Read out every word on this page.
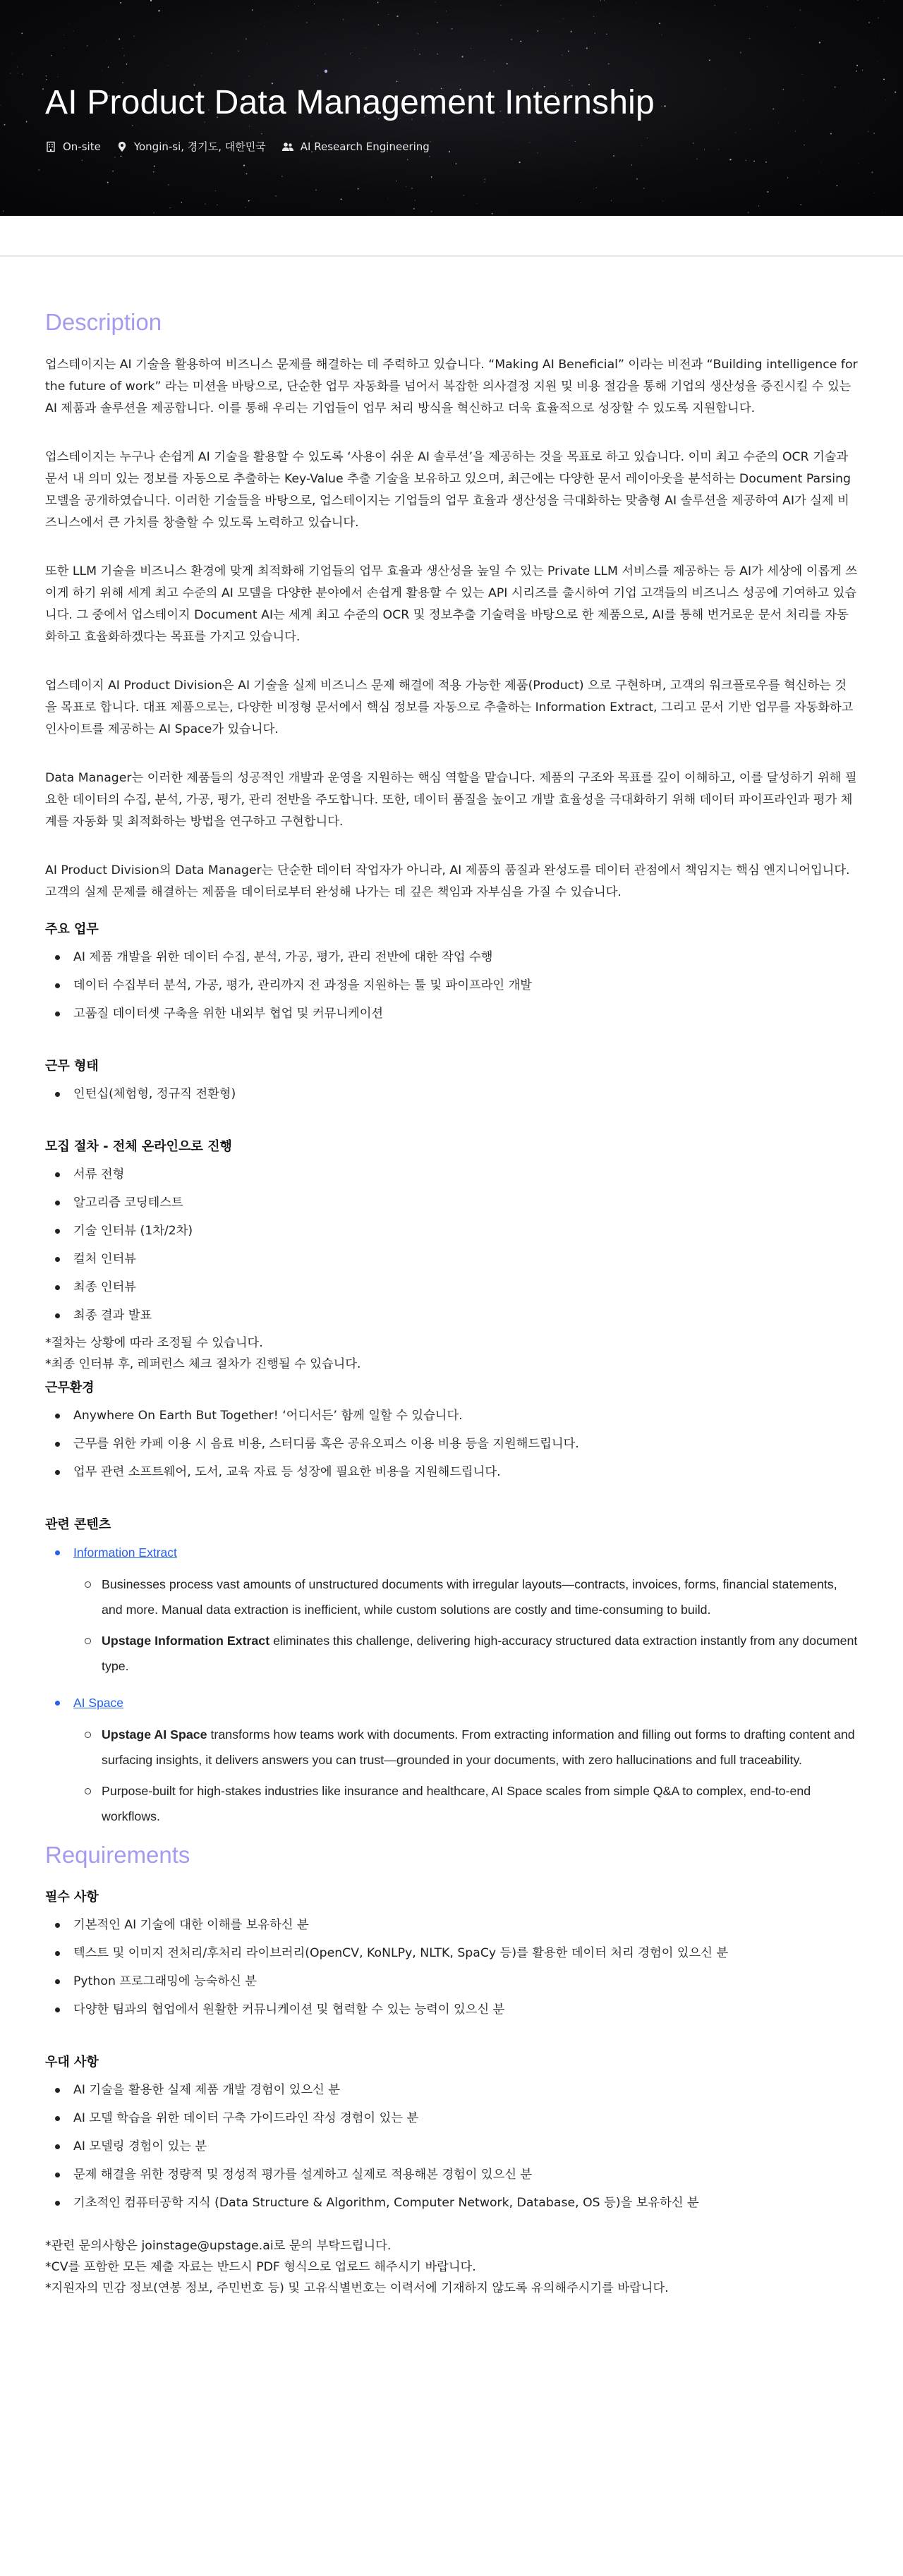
AI Product Data Management Internship
On-site	Yongin-si, 경기도, 대한민국	AI Research Engineering
Description

업스테이지는 AI 기술을 활용하여 비즈니스 문제를 해결하는 데 주력하고 있습니다. “Making AI Beneficial” 이라는 비전과 “Building intelligence for the future of work” 라는 미션을 바탕으로, 단순한 업무 자동화를 넘어서 복잡한 의사결정 지원 및 비용 절감을 통해 기업의 생산성을 증진시킬 수 있는 AI 제품과 솔루션을 제공합니다. 이를 통해 우리는 기업들이 업무 처리 방식을 혁신하고 더욱 효율적으로 성장할 수 있도록 지원합니다.

업스테이지는 누구나 손쉽게 AI 기술을 활용할 수 있도록 ‘사용이 쉬운 AI 솔루션’을 제공하는 것을 목표로 하고 있습니다. 이미 최고 수준의 OCR 기술과 문서 내 의미 있는 정보를 자동으로 추출하는 Key-Value 추출 기술을 보유하고 있으며, 최근에는 다양한 문서 레이아웃을 분석하는 Document Parsing 모델을 공개하였습니다. 이러한 기술들을 바탕으로, 업스테이지는 기업들의 업무 효율과 생산성을 극대화하는 맞춤형 AI 솔루션을 제공하여 AI가 실제 비즈니스에서 큰 가치를 창출할 수 있도록 노력하고 있습니다.

또한 LLM 기술을 비즈니스 환경에 맞게 최적화해 기업들의 업무 효율과 생산성을 높일 수 있는 Private LLM 서비스를 제공하는 등 AI가 세상에 이롭게 쓰이게 하기 위해 세계 최고 수준의 AI 모델을 다양한 분야에서 손쉽게 활용할 수 있는 API 시리즈를 출시하여 기업 고객들의 비즈니스 성공에 기여하고 있습니다. 그 중에서 업스테이지 Document AI는 세계 최고 수준의 OCR 및 정보추출 기술력을 바탕으로 한 제품으로, AI를 통해 번거로운 문서 처리를 자동화하고 효율화하겠다는 목표를 가지고 있습니다.

업스테이지 AI Product Division은 AI 기술을 실제 비즈니스 문제 해결에 적용 가능한 제품(Product) 으로 구현하며, 고객의 워크플로우를 혁신하는 것을 목표로 합니다. 대표 제품으로는, 다양한 비정형 문서에서 핵심 정보를 자동으로 추출하는 Information Extract, 그리고 문서 기반 업무를 자동화하고 인사이트를 제공하는 AI Space가 있습니다.

Data Manager는 이러한 제품들의 성공적인 개발과 운영을 지원하는 핵심 역할을 맡습니다. 제품의 구조와 목표를 깊이 이해하고, 이를 달성하기 위해 필요한 데이터의 수집, 분석, 가공, 평가, 관리 전반을 주도합니다. 또한, 데이터 품질을 높이고 개발 효율성을 극대화하기 위해 데이터 파이프라인과 평가 체계를 자동화 및 최적화하는 방법을 연구하고 구현합니다.

AI Product Division의 Data Manager는 단순한 데이터 작업자가 아니라, AI 제품의 품질과 완성도를 데이터 관점에서 책임지는 핵심 엔지니어입니다. 고객의 실제 문제를 해결하는 제품을 데이터로부터 완성해 나가는 데 깊은 책임과 자부심을 가질 수 있습니다.

주요 업무
AI 제품 개발을 위한 데이터 수집, 분석, 가공, 평가, 관리 전반에 대한 작업 수행
데이터 수집부터 분석, 가공, 평가, 관리까지 전 과정을 지원하는 툴 및 파이프라인 개발
고품질 데이터셋 구축을 위한 내외부 협업 및 커뮤니케이션
근무 형태
인턴십(체험형, 정규직 전환형)
모집 절차 - 전체 온라인으로 진행
서류 전형
알고리즘 코딩테스트
기술 인터뷰 (1차/2차)
컬처 인터뷰
최종 인터뷰
최종 결과 발표

*절차는 상황에 따라 조정될 수 있습니다.

*최종 인터뷰 후, 레퍼런스 체크 절차가 진행될 수 있습니다.

근무환경
Anywhere On Earth But Together! ‘어디서든’ 함께 일할 수 있습니다.
근무를 위한 카페 이용 시 음료 비용, 스터디룸 혹은 공유오피스 이용 비용 등을 지원해드립니다.
업무 관련 소프트웨어, 도서, 교육 자료 등 성장에 필요한 비용을 지원해드립니다.
관련 콘텐츠
Information Extract
Businesses process vast amounts of unstructured documents with irregular layouts—contracts, invoices, forms, financial statements, and more. Manual data extraction is inefficient, while custom solutions are costly and time-consuming to build.
Upstage Information Extract eliminates this challenge, delivering high-accuracy structured data extraction instantly from any document type.
AI Space
Upstage AI Space transforms how teams work with documents. From extracting information and filling out forms to drafting content and surfacing insights, it delivers answers you can trust—grounded in your documents, with zero hallucinations and full traceability.
Purpose-built for high-stakes industries like insurance and healthcare, AI Space scales from simple Q&A to complex, end-to-end workflows.
Requirements
필수 사항
기본적인 AI 기술에 대한 이해를 보유하신 분
텍스트 및 이미지 전처리/후처리 라이브러리(OpenCV, KoNLPy, NLTK, SpaCy 등)를 활용한 데이터 처리 경험이 있으신 분
Python 프로그래밍에 능숙하신 분
다양한 팀과의 협업에서 원활한 커뮤니케이션 및 협력할 수 있는 능력이 있으신 분
우대 사항
AI 기술을 활용한 실제 제품 개발 경험이 있으신 분
AI 모델 학습을 위한 데이터 구축 가이드라인 작성 경험이 있는 분
AI 모델링 경험이 있는 분
문제 해결을 위한 정량적 및 정성적 평가를 설계하고 실제로 적용해본 경험이 있으신 분
기초적인 컴퓨터공학 지식 (Data Structure & Algorithm, Computer Network, Database, OS 등)을 보유하신 분

*관련 문의사항은 joinstage@upstage.ai로 문의 부탁드립니다.

*CV를 포함한 모든 제출 자료는 반드시 PDF 형식으로 업로드 해주시기 바랍니다.

*지원자의 민감 정보(연봉 정보, 주민번호 등) 및 고유식별번호는 이력서에 기재하지 않도록 유의해주시기를 바랍니다.
